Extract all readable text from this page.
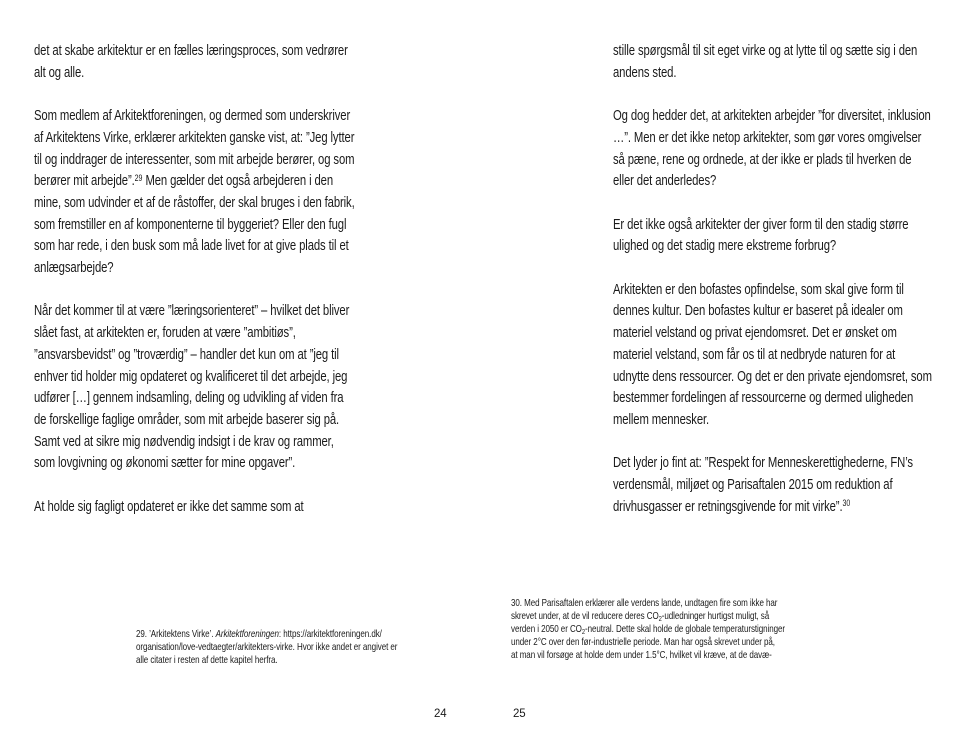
det at skabe arkitektur er en fælles læringsproces, som vedrører alt og alle.

Som medlem af Arkitektforeningen, og dermed som underskriver af Arkitektens Virke, erklærer arkitekten ganske vist, at: ”Jeg lytter til og inddrager de interessenter, som mit arbejde berører, og som berører mit arbejde”.$^{29}$ Men gælder det også arbejderen i den mine, som udvinder et af de råstoffer, der skal bruges i den fabrik, som fremstiller en af komponenterne til byggeriet? Eller den fugl som har rede, i den busk som må lade livet for at give plads til et anlægsarbejde?

Når det kommer til at være ”læringsorienteret” – hvilket det bliver slået fast, at arkitekten er, foruden at være ”ambitiøs”, ”ansvarsbevidst” og ”troværdig” – handler det kun om at ”jeg til enhver tid holder mig opdateret og kvalificeret til det arbejde, jeg udfører […] gennem indsamling, deling og udvikling af viden fra de forskellige faglige områder, som mit arbejde baserer sig på. Samt ved at sikre mig nødvendig indsigt i de krav og rammer, som lovgivning og økonomi sætter for mine opgaver”.

At holde sig fagligt opdateret er ikke det samme som at

29. ’Arkitektens Virke’. Arkitektforeningen: https://arkitektforeningen.dk/
organisation/love-vedtaegter/arkitekters-virke. Hvor ikke andet er angivet er
alle citater i resten af dette kapitel herfra.
24

stille spørgsmål til sit eget virke og at lytte til og sætte sig i den andens sted.

Og dog hedder det, at arkitekten arbejder ”for diversitet, inklusion …”. Men er det ikke netop arkitekter, som gør vores omgivelser så pæne, rene og ordnede, at der ikke er plads til hverken de eller det anderledes?

Er det ikke også arkitekter der giver form til den stadig større ulighed og det stadig mere ekstreme forbrug?

Arkitekten er den bofastes opfindelse, som skal give form til dennes kultur. Den bofastes kultur er baseret på idealer om materiel velstand og privat ejendomsret. Det er ønsket om materiel velstand, som får os til at nedbryde naturen for at udnytte dens ressourcer. Og det er den private ejendomsret, som bestemmer fordelingen af ressourcerne og dermed uligheden mellem mennesker.

Det lyder jo fint at: ”Respekt for Menneskerettighederne, FN’s verdensmål, miljøet og Parisaftalen 2015 om reduktion af drivhusgasser er retningsgivende for mit virke”.$^{30}$

30. Med Parisaftalen erklærer alle verdens lande, undtagen fire som ikke har
skrevet under, at de vil reducere deres CO2-udledninger hurtigst muligt, så
verden i 2050 er CO2-neutral. Dette skal holde de globale temperaturstigninger
under 2°C over den før-industrielle periode. Man har også skrevet under på,
at man vil forsøge at holde dem under 1.5°C, hvilket vil kræve, at de davæ-
25
